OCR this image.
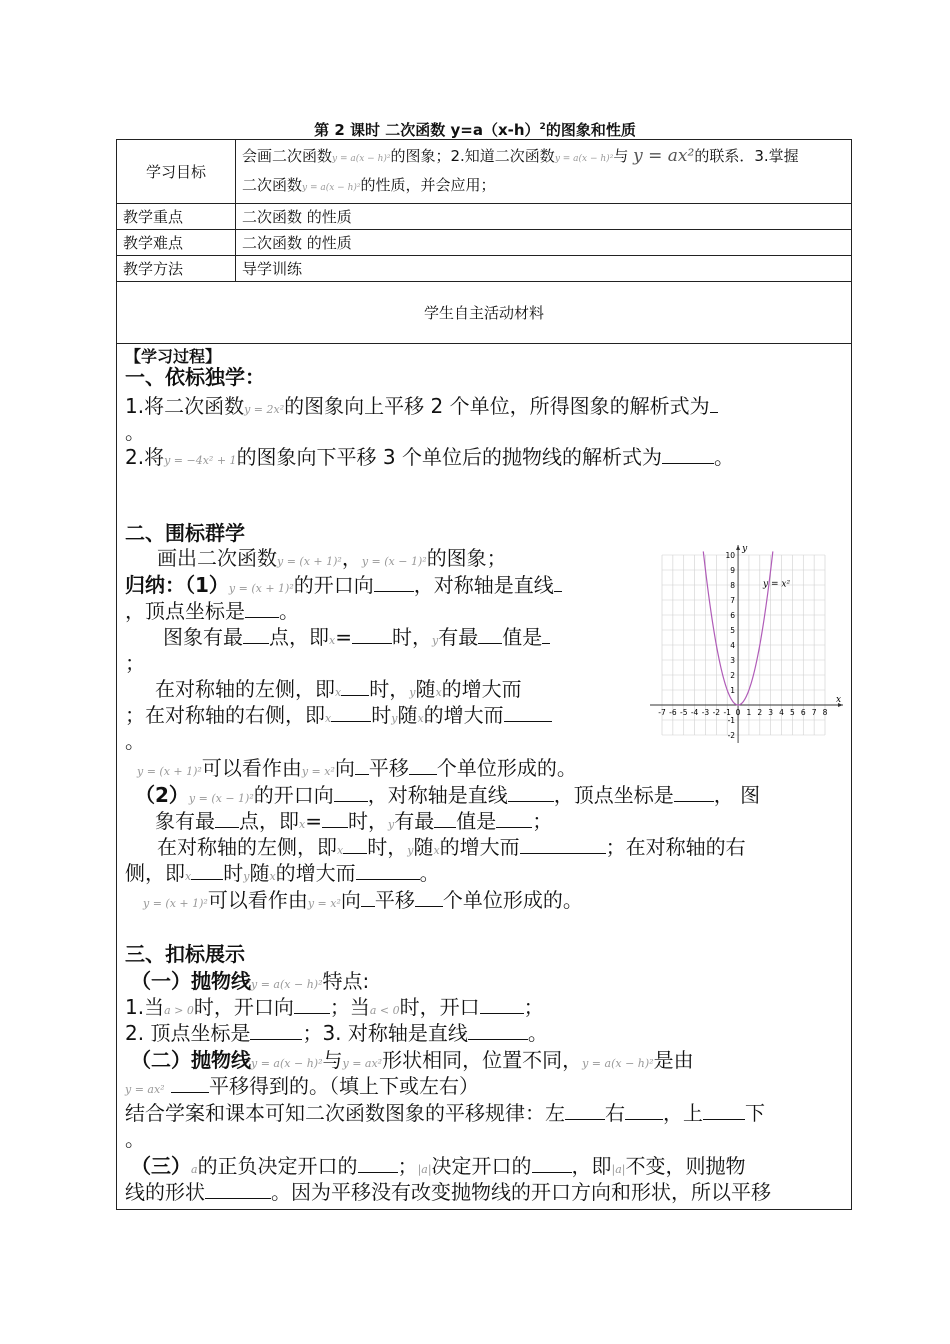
第 2 课时 二次函数 $y=a(x-h)^2$的图象和性质
学习目标	会画二次函数y = a(x − h)²的图象；2.知道二次函数y = a(x − h)²与 y = ax²的联系．3.掌握
二次函数y = a(x − h)²的性质，并会应用；
教学重点	二次函数 的性质
教学难点	二次函数 的性质
教学方法	导学训练
学生自主活动材料	
【学习过程】
一、依标独学：
1.将二次函数y = 2x²的图象向上平移 2 个单位，所得图象的解析式为
。
2.将y = −4x² + 1的图象向下平移 3 个单位后的抛物线的解析式为	。
二、围标群学
画出二次函数y = (x + 1)²，y = (x − 1)²的图象；
归纳：（1）y = (x + 1)²的开口向 ，对称轴是直线
，顶点坐标是 。
图象有最 点，即x= 时，y有最 值是
；
在对称轴的左侧，即x 时，y随x的增大而
；在对称轴的右侧，即x 时y随x的增大而
。
y = (x + 1)²可以看作由y = x²向 平移 个单位形成的。
（2）y = (x − 1)²的开口向 ，对称轴是直线 ，顶点坐标是 ， 图
象有最 点，即x= 时，y有最 值是 ；
在对称轴的左侧，即x 时，y随x的增大而	；在对称轴的右
侧，即x 时y随x的增大而	。
y = (x + 1)²可以看作由y = x²向 平移 个单位形成的。
三、扣标展示
（一）抛物线y = a(x − h)²特点:
1.当a > 0时，开口向 ；当a < 0时，开口 ；
2. 顶点坐标是	；3. 对称轴是直线	。
（二）抛物线y = a(x − h)²与y = ax²形状相同，位置不同，y = a(x − h)²是由
y = ax² 平移得到的。（填上下或左右）
结合学案和课本可知二次函数图象的平移规律：左 右 ，上 下
。
（三）a的正负决定开口的 ；|a|决定开口的 ，即|a|不变，则抛物
线的形状	。因为平移没有改变抛物线的开口方向和形状，所以平移
-7 -6 -5 -4 -3 -2 -1 0 1 2 3 4 5 6 7 8
-2
-1
1
2
3
4
5
6
7
8
9
10
y = x²
x
y
